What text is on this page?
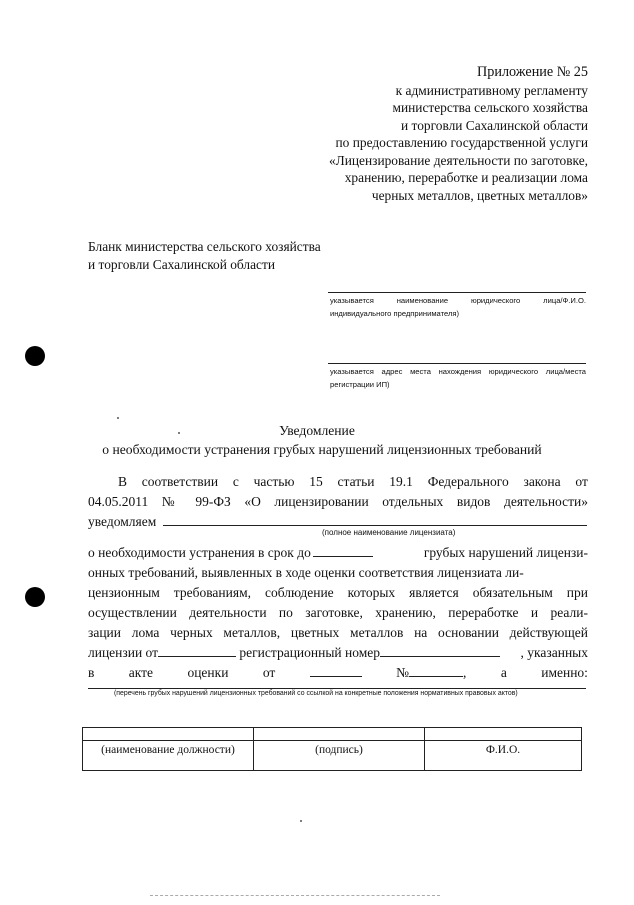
Приложение № 25
к административному регламенту
министерства сельского хозяйства
и торговли Сахалинской области
по предоставлению государственной услуги
«Лицензирование деятельности по заготовке,
хранению, переработке и реализации лома
черных металлов, цветных металлов»
Бланк министерства сельского хозяйства
и торговли Сахалинской области
указывается наименование юридического лица/Ф.И.О. индивидуального предпринимателя)
указывается адрес места нахождения юридического лица/места регистрации ИП)
Уведомление
о необходимости устранения грубых нарушений лицензионных требований
В соответствии с частью 15 статьи 19.1 Федерального закона от
04.05.2011 № 99-ФЗ «О лицензировании отдельных видов деятельности»
уведомляем
(полное наименование лицензиата)
о необходимости устранения в срок до	грубых нарушений лицензи-
онных требований, выявленных в ходе оценки соответствия лицензиата ли-
цензионным требованиям, соблюдение которых является обязательным при
осуществлении деятельности по заготовке, хранению, переработке и реали-
зации лома черных металлов, цветных металлов на основании действующей
лицензии от	регистрационный номер	, указанных
в	акте	оценки	от	№	,	а	именно:
(перечень грубых нарушений лицензионных требований со ссылкой на конкретные положения нормативных правовых актов)

(наименование должности)	(подпись)	Ф.И.О.
